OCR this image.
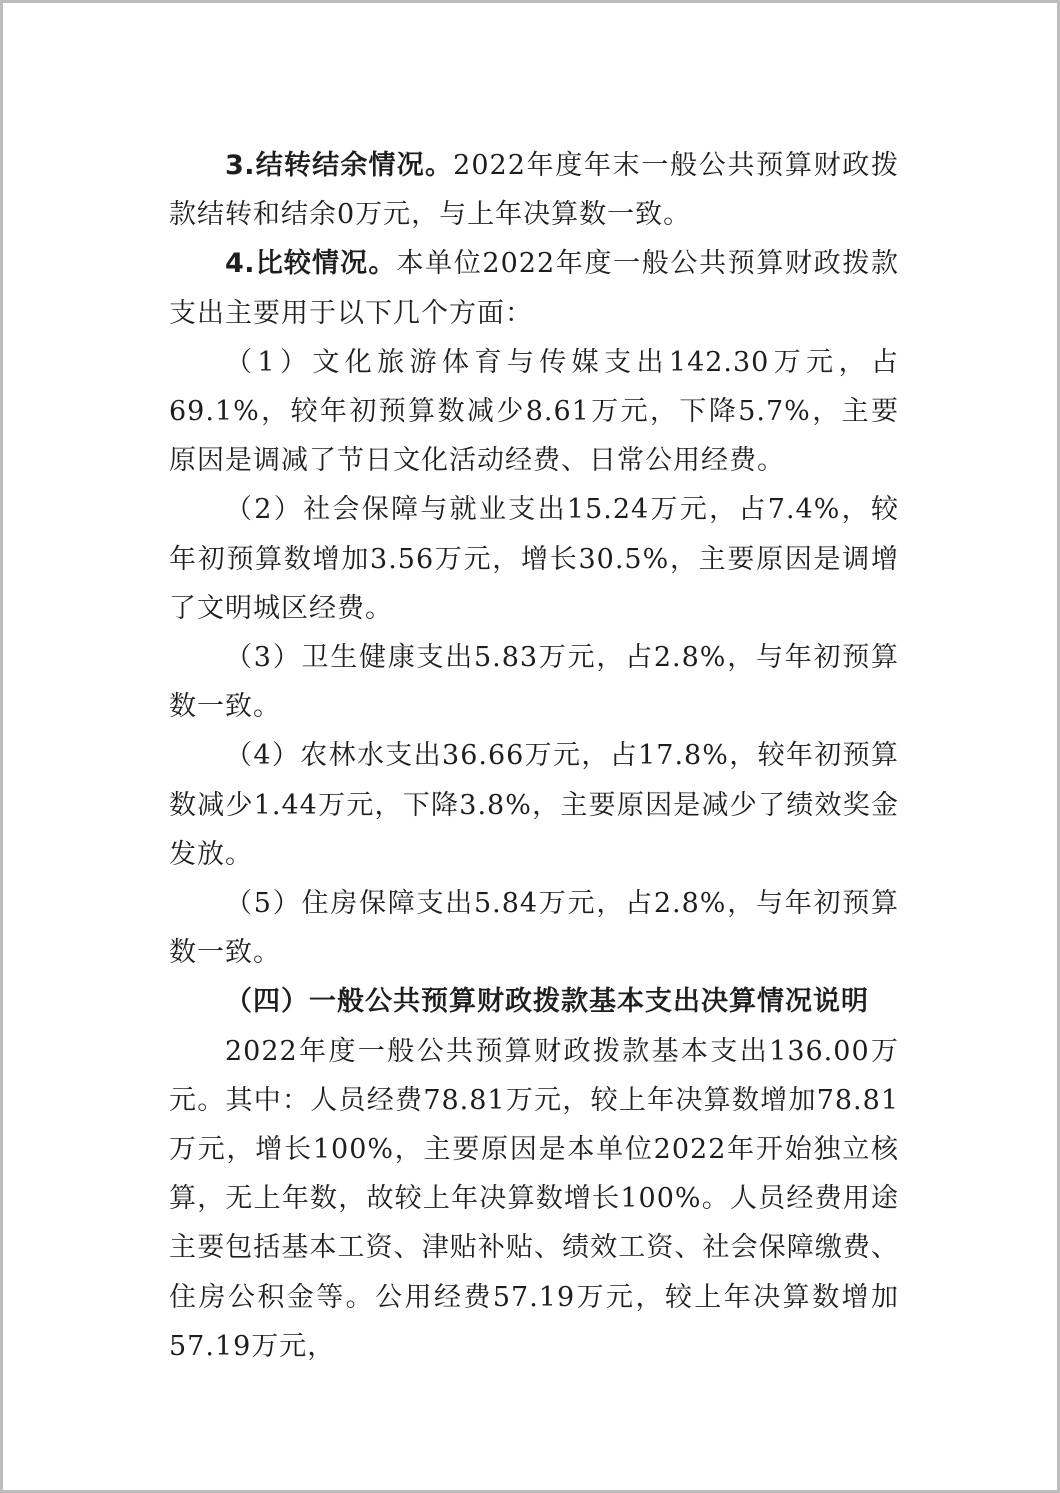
3.结转结余情况。2022年度年末一般公共预算财政拨款结转和结余0万元，与上年决算数一致。

4.比较情况。本单位2022年度一般公共预算财政拨款支出主要用于以下几个方面：

（1）文化旅游体育与传媒支出142.30万元，占69.1%，较年初预算数减少8.61万元，下降5.7%，主要原因是调减了节日文化活动经费、日常公用经费。

（2）社会保障与就业支出15.24万元，占7.4%，较年初预算数增加3.56万元，增长30.5%，主要原因是调增了文明城区经费。

（3）卫生健康支出5.83万元，占2.8%，与年初预算数一致。

（4）农林水支出36.66万元，占17.8%，较年初预算数减少1.44万元，下降3.8%，主要原因是减少了绩效奖金发放。

（5）住房保障支出5.84万元，占2.8%，与年初预算数一致。

（四）一般公共预算财政拨款基本支出决算情况说明

2022年度一般公共预算财政拨款基本支出136.00万元。其中：人员经费78.81万元，较上年决算数增加78.81万元，增长100%，主要原因是本单位2022年开始独立核算，无上年数，故较上年决算数增长100%。人员经费用途主要包括基本工资、津贴补贴、绩效工资、社会保障缴费、住房公积金等。公用经费57.19万元，较上年决算数增加57.19万元，
